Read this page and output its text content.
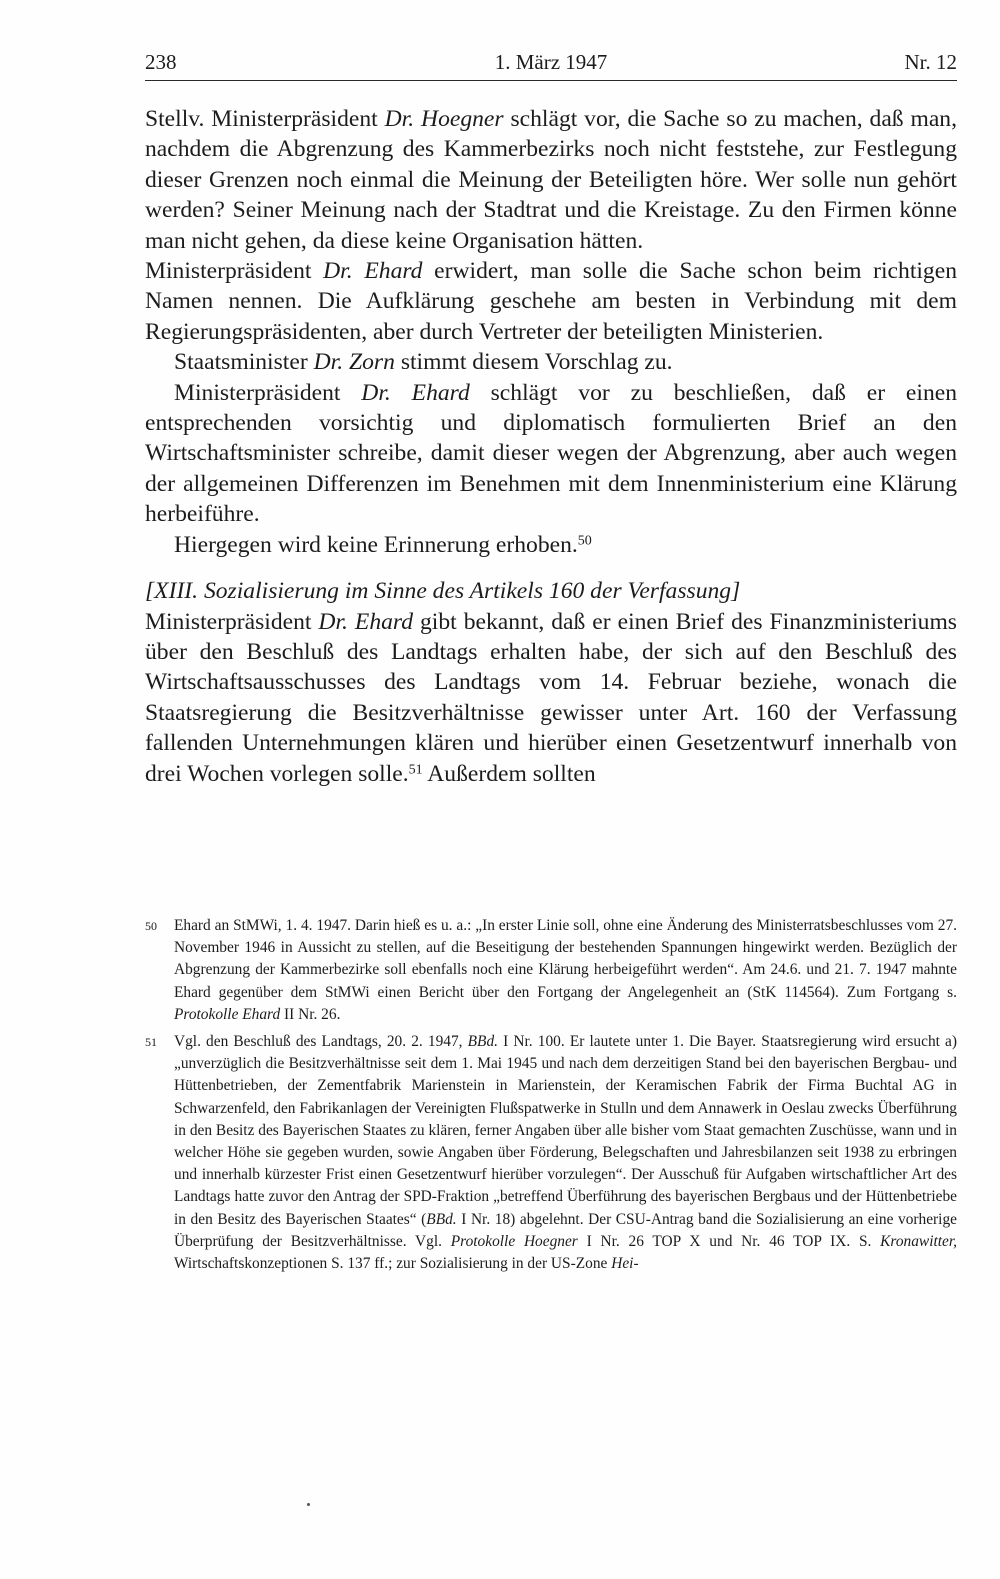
238	1. März 1947	Nr. 12

Stellv. Ministerpräsident Dr. Hoegner schlägt vor, die Sache so zu machen, daß man, nachdem die Abgrenzung des Kammerbezirks noch nicht feststehe, zur Festlegung dieser Grenzen noch einmal die Meinung der Beteiligten höre. Wer solle nun gehört werden? Seiner Meinung nach der Stadtrat und die Kreistage. Zu den Firmen könne man nicht gehen, da diese keine Organisation hätten.

Ministerpräsident Dr. Ehard erwidert, man solle die Sache schon beim richtigen Namen nennen. Die Aufklärung geschehe am besten in Verbindung mit dem Regierungspräsidenten, aber durch Vertreter der beteiligten Ministerien.

Staatsminister Dr. Zorn stimmt diesem Vorschlag zu.

Ministerpräsident Dr. Ehard schlägt vor zu beschließen, daß er einen entsprechenden vorsichtig und diplomatisch formulierten Brief an den Wirtschaftsminister schreibe, damit dieser wegen der Abgrenzung, aber auch wegen der allgemeinen Differenzen im Benehmen mit dem Innenministerium eine Klärung herbeiführe.

Hiergegen wird keine Erinnerung erhoben.$^{50}$

[XIII. Sozialisierung im Sinne des Artikels 160 der Verfassung]

Ministerpräsident Dr. Ehard gibt bekannt, daß er einen Brief des Finanzministeriums über den Beschluß des Landtags erhalten habe, der sich auf den Beschluß des Wirtschaftsausschusses des Landtags vom 14. Februar beziehe, wonach die Staatsregierung die Besitzverhältnisse gewisser unter Art. 160 der Verfassung fallenden Unternehmungen klären und hierüber einen Gesetzentwurf innerhalb von drei Wochen vorlegen solle.$^{51}$ Außerdem sollten

50 Ehard an StMWi, 1. 4. 1947. Darin hieß es u. a.: „In erster Linie soll, ohne eine Änderung des Ministerratsbeschlusses vom 27. November 1946 in Aussicht zu stellen, auf die Beseitigung der bestehenden Spannungen hingewirkt werden. Bezüglich der Abgrenzung der Kammerbezirke soll ebenfalls noch eine Klärung herbeigeführt werden“. Am 24.6. und 21. 7. 1947 mahnte Ehard gegenüber dem StMWi einen Bericht über den Fortgang der Angelegenheit an (StK 114564). Zum Fortgang s. Protokolle Ehard II Nr. 26.
51 Vgl. den Beschluß des Landtags, 20. 2. 1947, BBd. I Nr. 100. Er lautete unter 1. Die Bayer. Staatsregierung wird ersucht a) „unverzüglich die Besitzverhältnisse seit dem 1. Mai 1945 und nach dem derzeitigen Stand bei den bayerischen Bergbau- und Hüttenbetrieben, der Zementfabrik Marienstein in Marienstein, der Keramischen Fabrik der Firma Buchtal AG in Schwarzenfeld, den Fabrikanlagen der Vereinigten Flußspatwerke in Stulln und dem Annawerk in Oeslau zwecks Überführung in den Besitz des Bayerischen Staates zu klären, ferner Angaben über alle bisher vom Staat gemachten Zuschüsse, wann und in welcher Höhe sie gegeben wurden, sowie Angaben über Förderung, Belegschaften und Jahresbilanzen seit 1938 zu erbringen und innerhalb kürzester Frist einen Gesetzentwurf hierüber vorzulegen“. Der Ausschuß für Aufgaben wirtschaftlicher Art des Landtags hatte zuvor den Antrag der SPD-Fraktion „betreffend Überführung des bayerischen Bergbaus und der Hüttenbetriebe in den Besitz des Bayerischen Staates“ (BBd. I Nr. 18) abgelehnt. Der CSU-Antrag band die Sozialisierung an eine vorherige Überprüfung der Besitzverhältnisse. Vgl. Protokolle Hoegner I Nr. 26 TOP X und Nr. 46 TOP IX. S. Kronawitter, Wirtschaftskonzeptionen S. 137 ff.; zur Sozialisierung in der US-Zone Hei-
